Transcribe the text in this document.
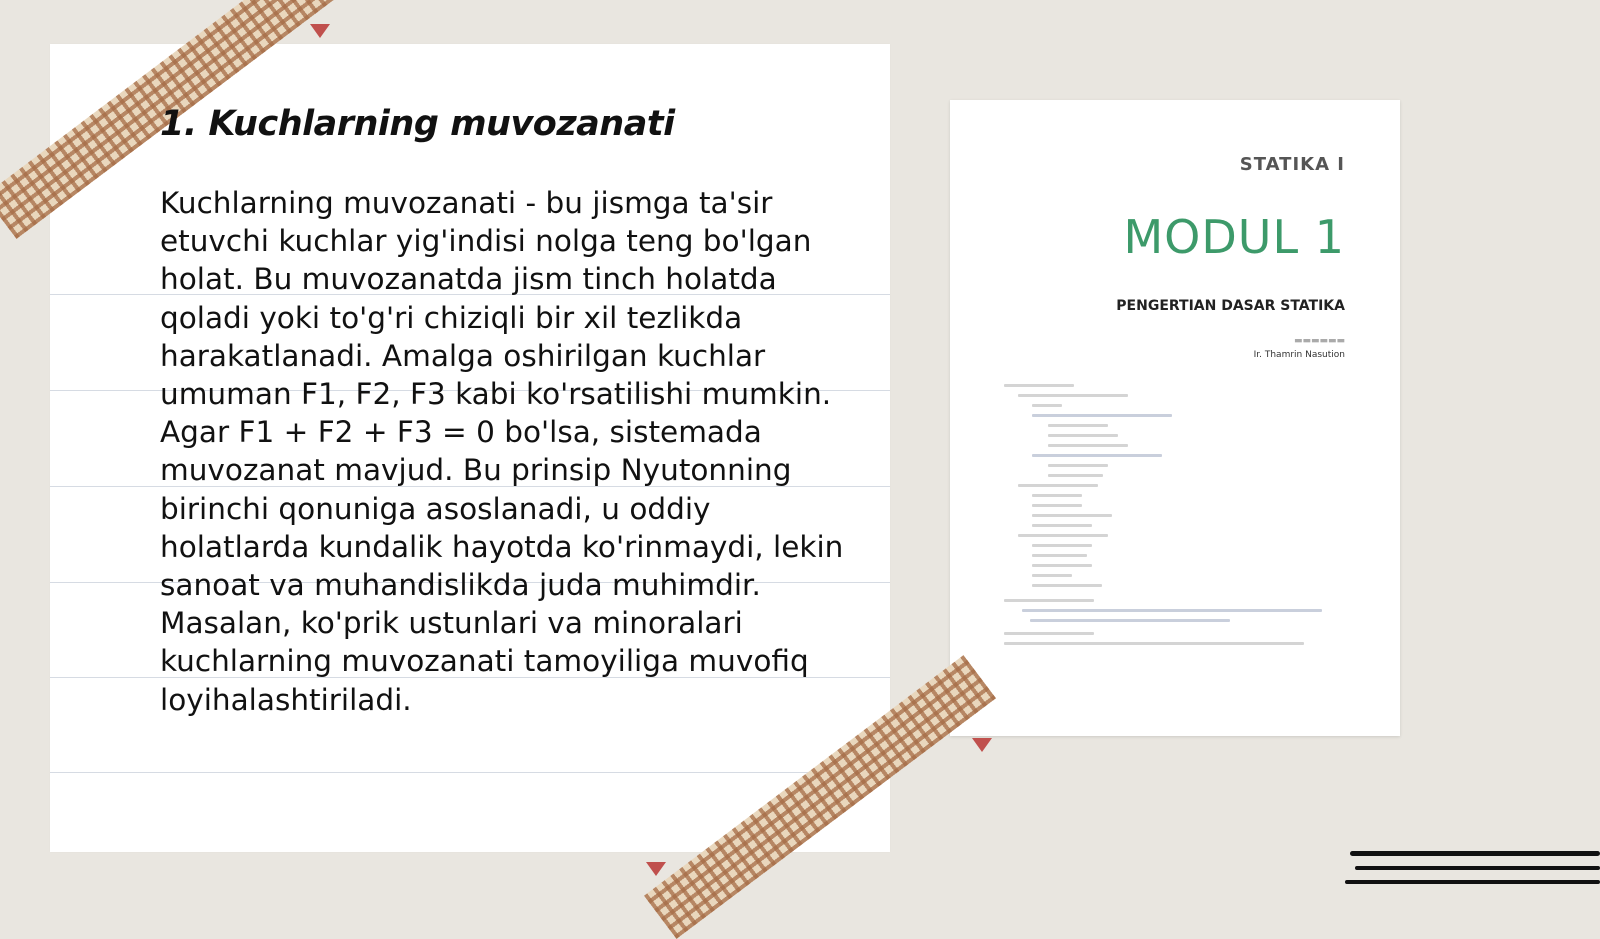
1. Kuchlarning muvozanati

Kuchlarning muvozanati - bu jismga ta'sir etuvchi kuchlar yig'indisi nolga teng bo'lgan holat. Bu muvozanatda jism tinch holatda qoladi yoki to'g'ri chiziqli bir xil tezlikda harakatlanadi. Amalga oshirilgan kuchlar umuman F1, F2, F3 kabi ko'rsatilishi mumkin. Agar F1 + F2 + F3 = 0 bo'lsa, sistemada muvozanat mavjud. Bu prinsip Nyutonning birinchi qonuniga asoslanadi, u oddiy holatlarda kundalik hayotda ko'rinmaydi, lekin sanoat va muhandislikda juda muhimdir. Masalan, ko'prik ustunlari va minoralari kuchlarning muvozanati tamoyiliga muvofiq loyihalashtiriladi.

STATIKA I
MODUL 1
PENGERTIAN DASAR STATIKA
▬▬▬▬▬▬
Ir. Thamrin Nasution
